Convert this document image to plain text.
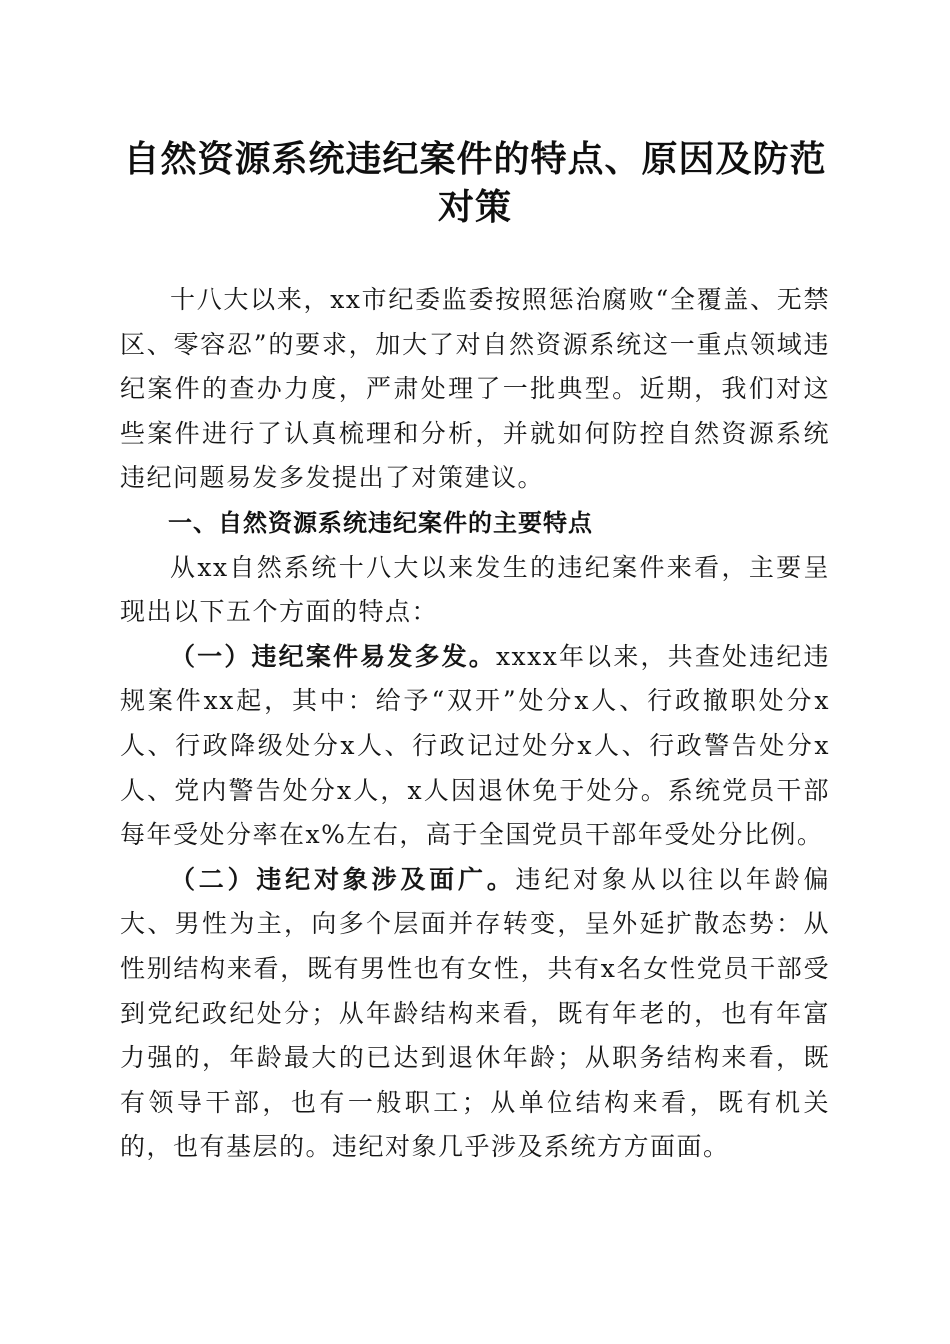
自然资源系统违纪案件的特点、原因及防范对策

十八大以来，xx市纪委监委按照惩治腐败“全覆盖、无禁区、零容忍”的要求，加大了对自然资源系统这一重点领域违纪案件的查办力度，严肃处理了一批典型。近期，我们对这些案件进行了认真梳理和分析，并就如何防控自然资源系统违纪问题易发多发提出了对策建议。

一、自然资源系统违纪案件的主要特点

从xx自然系统十八大以来发生的违纪案件来看，主要呈现出以下五个方面的特点：

（一）违纪案件易发多发。xxxx年以来，共查处违纪违规案件xx起，其中：给予“双开”处分x人、行政撤职处分x人、行政降级处分x人、行政记过处分x人、行政警告处分x人、党内警告处分x人，x人因退休免于处分。系统党员干部每年受处分率在x%左右，高于全国党员干部年受处分比例。

（二）违纪对象涉及面广。违纪对象从以往以年龄偏大、男性为主，向多个层面并存转变，呈外延扩散态势：从性别结构来看，既有男性也有女性，共有x名女性党员干部受到党纪政纪处分；从年龄结构来看，既有年老的，也有年富力强的，年龄最大的已达到退休年龄；从职务结构来看，既有领导干部，也有一般职工；从单位结构来看，既有机关的，也有基层的。违纪对象几乎涉及系统方方面面。
